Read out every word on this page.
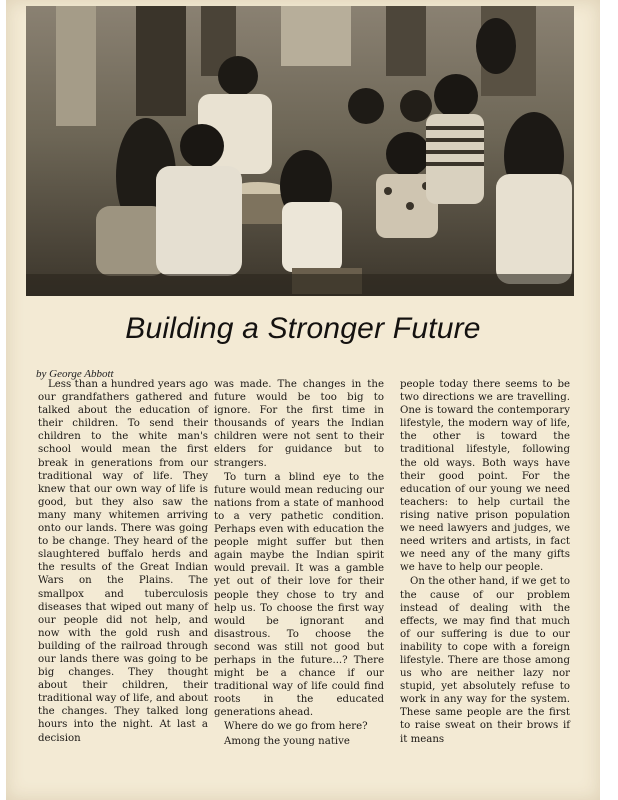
Building a Stronger Future
by George Abbott

Less than a hundred years ago our grandfathers gathered and talked about the education of their children. To send their children to the white man's school would mean the first break in generations from our traditional way of life. They knew that our own way of life is good, but they also saw the many many whitemen arriving onto our lands. There was going to be change. They heard of the slaughtered buffalo herds and the results of the Great Indian Wars on the Plains. The smallpox and tuberculosis diseases that wiped out many of our people did not help, and now with the gold rush and building of the railroad through our lands there was going to be big changes. They thought about their children, their traditional way of life, and about the changes. They talked long hours into the night. At last a decision

was made. The changes in the future would be too big to ignore. For the first time in thousands of years the Indian children were not sent to their elders for guidance but to strangers.

To turn a blind eye to the future would mean reducing our nations from a state of manhood to a very pathetic condition. Perhaps even with education the people might suffer but then again maybe the Indian spirit would prevail. It was a gamble yet out of their love for their people they chose to try and help us. To choose the first way would be ignorant and disastrous. To choose the second was still not good but perhaps in the future...? There might be a chance if our traditional way of life could find roots in the educated generations ahead.

Where do we go from here?

Among the young native

people today there seems to be two directions we are travelling. One is toward the contemporary lifestyle, the modern way of life, the other is toward the traditional lifestyle, following the old ways. Both ways have their good point. For the education of our young we need teachers: to help curtail the rising native prison population we need lawyers and judges, we need writers and artists, in fact we need any of the many gifts we have to help our people.

On the other hand, if we get to the cause of our problem instead of dealing with the effects, we may find that much of our suffering is due to our inability to cope with a foreign lifestyle. There are those among us who are neither lazy nor stupid, yet absolutely refuse to work in any way for the system. These same people are the first to raise sweat on their brows if it means
